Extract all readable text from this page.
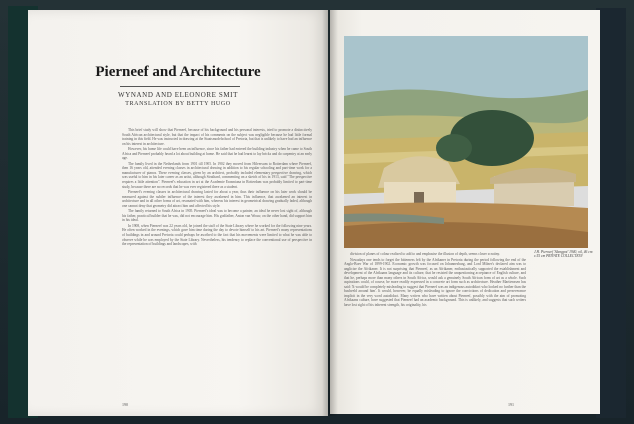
Pierneef and Architecture
WYNAND AND ELEONORE SMIT
TRANSLATION BY BETTY HUGO

This brief study will show that Pierneef, because of his background and his personal interests, tried to promote a distinctively South African architectural style, but that the impact of his comments on the subject was negligible because he had little formal training in this field. He was instructed in drawing at the Staatsmodelschool of Pretoria, but that is unlikely to have had an influence on his interest in architecture.

However, his home life could have been an influence, since his father had entered the building industry when he came to South Africa and Pierneef probably heard a lot about building at home. He said that he had learnt to lay bricks and do carpentry at an early age.

The family lived in the Netherlands from 1901 till 1905. In 1902 they moved from Hilversum to Rotterdam where Pierneef, then 16 years old, attended evening classes in architectural drawing in addition to his regular schooling and part-time work for a manufacturer of pianos. These evening classes, given by an architect, probably included elementary perspective drawing, which was useful to him in his later career as an artist, although Strathard, commenting on a sketch of his in 1913, said "The perspective requires a little attention". Pierneef's education in art at the Academie Erasmiana in Rotterdam was probably limited to part-time study, because there are no records that he was ever registered there as a student.

Pierneef's evening classes in architectural drawing lasted for about a year, thus their influence on his later work should be measured against the subtler influence of the interest they awakened in him. This influence, that awakened an interest in architecture and in all other forms of art, resonated with him, whereas his interest in geometrical drawing gradually faded, although one cannot deny that geometry did attract him and affected his style.

The family returned to South Africa in 1905. Pierneef's ideal was to become a painter, an ideal he never lost sight of, although his father, practical builder that he was, did not encourage him. His godfather, Anton van Wouw, on the other hand, did support him in his ideal.

In 1908, when Pierneef was 22 years old, he joined the staff of the State Library where he worked for the following nine years. He often worked in the evenings, which gave him time during the day to devote himself to his art. Pierneef's many representations of buildings in and around Pretoria could perhaps be ascribed to the fact that his movements were limited to what he was able to observe while he was employed by the State Library. Nevertheless, his tendency to replace the conventional use of perspective in the representation of buildings and landscapes, with

190
J.H. Pierneef 'Slangpot' 1940, oil, 46 cm x 55 cm PRIVATE COLLECTION

division of planes of colour realised to add to and emphasise the illusion of depth, seems closer scrutiny.

Nowadays one tends to forget the bitterness felt by the Afrikaner in Pretoria during the period following the end of the Anglo-Boer War of 1899-1902. Economic growth was focused on Johannesburg, and Lord Milner's declared aim was to anglicise the Afrikaner. It is not surprising that Pierneef, as an Afrikaner, enthusiastically supported the establishment and development of the Afrikaans language and its culture, that he resisted the unquestioning acceptance of English culture, and that he, perhaps more than many others in South Africa, would ask a genuinely South African form of art as a whole. Such aspirations could, of course, be more readily expressed in a concrete art form such as architecture. Heather Martienssen has said: 'It would be completely misleading to suggest that Pierneef was an indigenous autodidact who looked no further than the bushveld around him'. It would, however, be equally misleading to ignore the convictions of dedication and perseverance implicit in the very word autodidact. Many writers who have written about Pierneef, possibly with the aim of promoting Afrikaans culture, have suggested that Pierneef had an academic background. This is unlikely, and suggests that such writers have lost sight of his inherent strength, his originality, his

191
